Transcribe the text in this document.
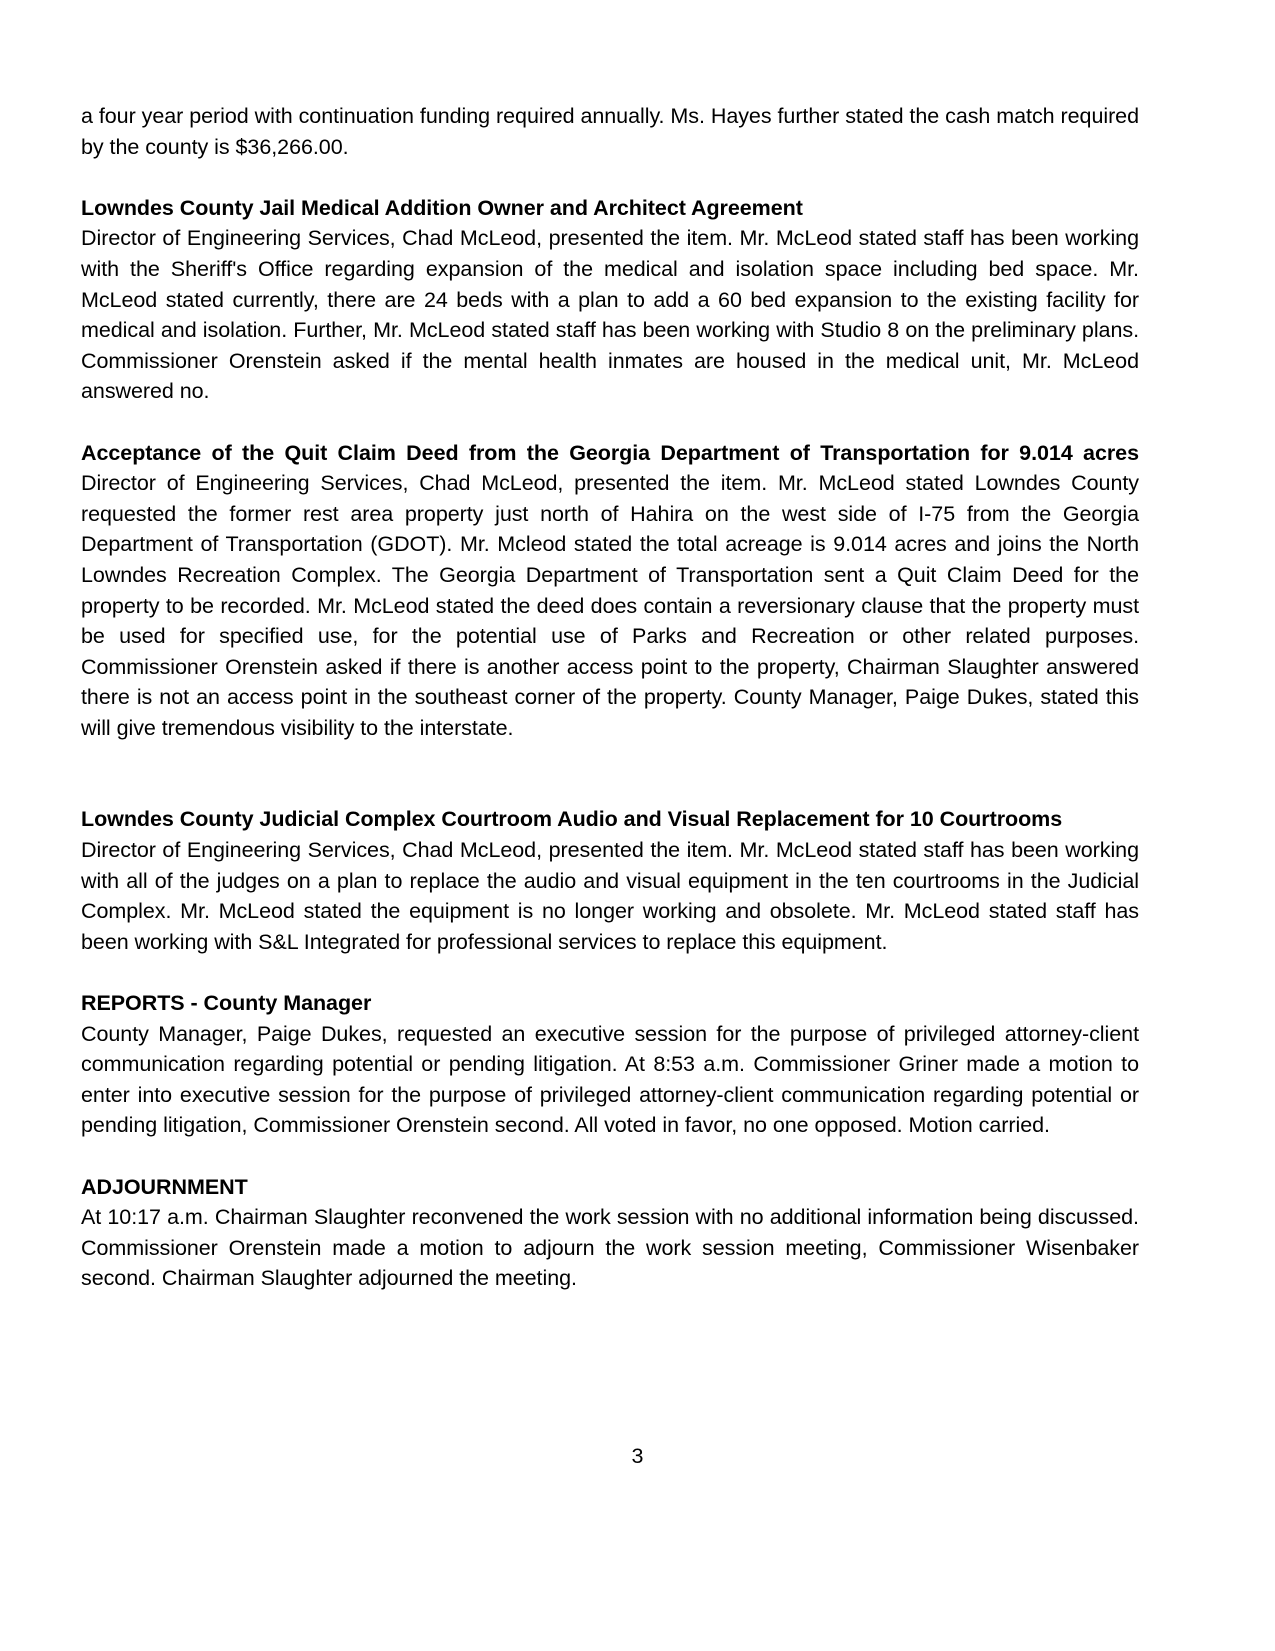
a four year period with continuation funding required annually. Ms. Hayes further stated the cash match required by the county is $36,266.00.

Lowndes County Jail Medical Addition Owner and Architect Agreement

Director of Engineering Services, Chad McLeod, presented the item. Mr. McLeod stated staff has been working with the Sheriff's Office regarding expansion of the medical and isolation space including bed space. Mr. McLeod stated currently, there are 24 beds with a plan to add a 60 bed expansion to the existing facility for medical and isolation. Further, Mr. McLeod stated staff has been working with Studio 8 on the preliminary plans. Commissioner Orenstein asked if the mental health inmates are housed in the medical unit, Mr. McLeod answered no.

Acceptance of the Quit Claim Deed from the Georgia Department of Transportation for 9.014 acres Director of Engineering Services, Chad McLeod, presented the item. Mr. McLeod stated Lowndes County requested the former rest area property just north of Hahira on the west side of I-75 from the Georgia Department of Transportation (GDOT). Mr. Mcleod stated the total acreage is 9.014 acres and joins the North Lowndes Recreation Complex. The Georgia Department of Transportation sent a Quit Claim Deed for the property to be recorded. Mr. McLeod stated the deed does contain a reversionary clause that the property must be used for specified use, for the potential use of Parks and Recreation or other related purposes. Commissioner Orenstein asked if there is another access point to the property, Chairman Slaughter answered there is not an access point in the southeast corner of the property. County Manager, Paige Dukes, stated this will give tremendous visibility to the interstate.

Lowndes County Judicial Complex Courtroom Audio and Visual Replacement for 10 Courtrooms

Director of Engineering Services, Chad McLeod, presented the item. Mr. McLeod stated staff has been working with all of the judges on a plan to replace the audio and visual equipment in the ten courtrooms in the Judicial Complex. Mr. McLeod stated the equipment is no longer working and obsolete. Mr. McLeod stated staff has been working with S&L Integrated for professional services to replace this equipment.

REPORTS - County Manager

County Manager, Paige Dukes, requested an executive session for the purpose of privileged attorney-client communication regarding potential or pending litigation. At 8:53 a.m. Commissioner Griner made a motion to enter into executive session for the purpose of privileged attorney-client communication regarding potential or pending litigation, Commissioner Orenstein second. All voted in favor, no one opposed. Motion carried.

ADJOURNMENT

At 10:17 a.m. Chairman Slaughter reconvened the work session with no additional information being discussed. Commissioner Orenstein made a motion to adjourn the work session meeting, Commissioner Wisenbaker second. Chairman Slaughter adjourned the meeting.

3
